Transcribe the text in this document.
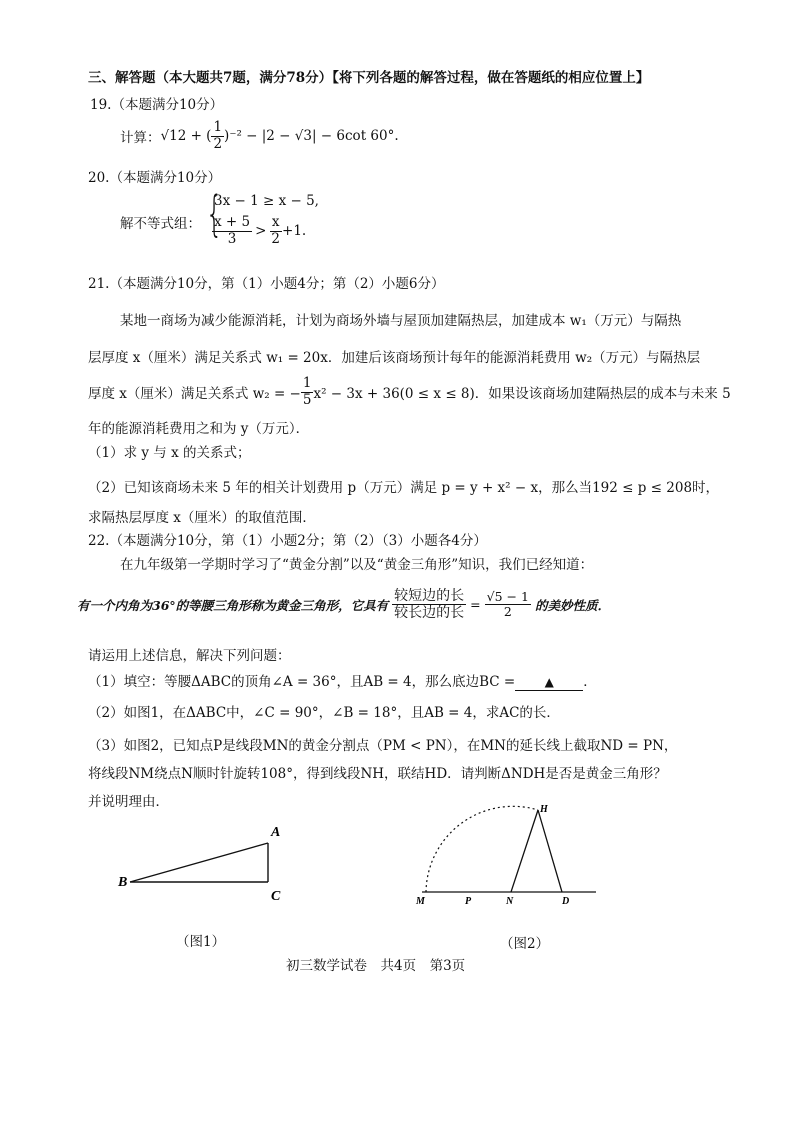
三、解答题（本大题共7题，满分78分）【将下列各题的解答过程，做在答题纸的相应位置上】
19.（本题满分10分）
计算： √12 + ( $\frac{1}{2} )^{-2} - |2 - √3| - 6\cot$ 60°.
20.（本题满分10分）
解不等式组： {
3x − 1 ≥ x − 5,
$\frac{x + 5}{3} > \frac{x}{2} +1$.
21.（本题满分10分，第（1）小题4分；第（2）小题6分）
某地一商场为减少能源消耗，计划为商场外墙与屋顶加建隔热层，加建成本 w₁（万元）与隔热
层厚度 x（厘米）满足关系式 w₁ = 20x．加建后该商场预计每年的能源消耗费用 w₂（万元）与隔热层
厚度 x（厘米）满足关系式 w₂ = − $\frac{1}{5} x^2 - 3x + 36(0 \le x \le 8)$．如果设该商场加建隔热层的成本与未来 5
年的能源消耗费用之和为 y（万元）．
（1）求 y 与 x 的关系式；
（2）已知该商场未来 5 年的相关计划费用 p（万元）满足 p = y + x² − x，那么当192 ≤ p ≤ 208时，
求隔热层厚度 x（厘米）的取值范围．
22.（本题满分10分，第（1）小题2分；第（2）（3）小题各4分）
在九年级第一学期时学习了“黄金分割”以及“黄金三角形”知识，我们已经知道：
有一个内角为36°的等腰三角形称为黄金三角形，它具有 $\frac{\text{较短边的长}}{\text{较长边的长}} = \frac{√5 - 1}{2}$ 的美妙性质．
请运用上述信息，解决下列问题：
（1）填空：等腰ΔABC的顶角∠A = 36°，且AB = 4，那么底边BC =	▲	．
（2）如图1，在ΔABC中，∠C = 90°，∠B = 18°，且AB = 4，求AC的长．
（3）如图2，已知点P是线段MN的黄金分割点（PM < PN），在MN的延长线上截取ND = PN，
将线段NM绕点N顺时针旋转108°，得到线段NH，联结HD．请判断ΔNDH是否是黄金三角形？
并说明理由．
A
B
C
（图1）
H
M	P	N	D
（图2）
初三数学试卷　共4页　第3页
